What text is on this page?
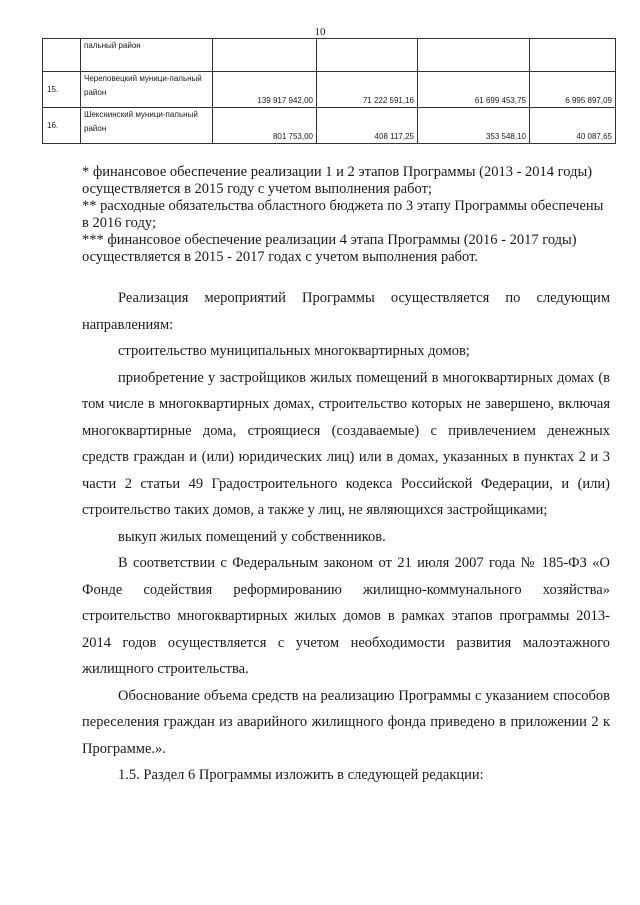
10
	пальный район				
15.	Череповецкий муници-пальный район	139 917 942,00	71 222 591,16	61 699 453,75	6 995 897,09
16.	Шекснинский муници-пальный район	801 753,00	408 117,25	353 548,10	40 087,65

* финансовое обеспечение реализации 1 и 2 этапов Программы (2013 - 2014 годы) осуществляется в 2015 году с учетом выполнения работ;

** расходные обязательства областного бюджета по 3 этапу Программы обеспечены в 2016 году;

*** финансовое обеспечение реализации 4 этапа Программы (2016 - 2017 годы) осуществляется в 2015 - 2017 годах с учетом выполнения работ.

Реализация мероприятий Программы осуществляется по следующим направлениям:

строительство муниципальных многоквартирных домов;

приобретение у застройщиков жилых помещений в многоквартирных домах (в том числе в многоквартирных домах, строительство которых не завершено, включая многоквартирные дома, строящиеся (создаваемые) с привлечением денежных средств граждан и (или) юридических лиц) или в домах, указанных в пунктах 2 и 3 части 2 статьи 49 Градостроительного кодекса Российской Федерации, и (или) строительство таких домов, а также у лиц, не являющихся застройщиками;

выкуп жилых помещений у собственников.

В соответствии с Федеральным законом от 21 июля 2007 года № 185-ФЗ «О Фонде содействия реформированию жилищно-коммунального хозяйства» строительство многоквартирных жилых домов в рамках этапов программы 2013-2014 годов осуществляется с учетом необходимости развития малоэтажного жилищного строительства.

Обоснование объема средств на реализацию Программы с указанием способов переселения граждан из аварийного жилищного фонда приведено в приложении 2 к Программе.».

1.5. Раздел 6 Программы изложить в следующей редакции:
